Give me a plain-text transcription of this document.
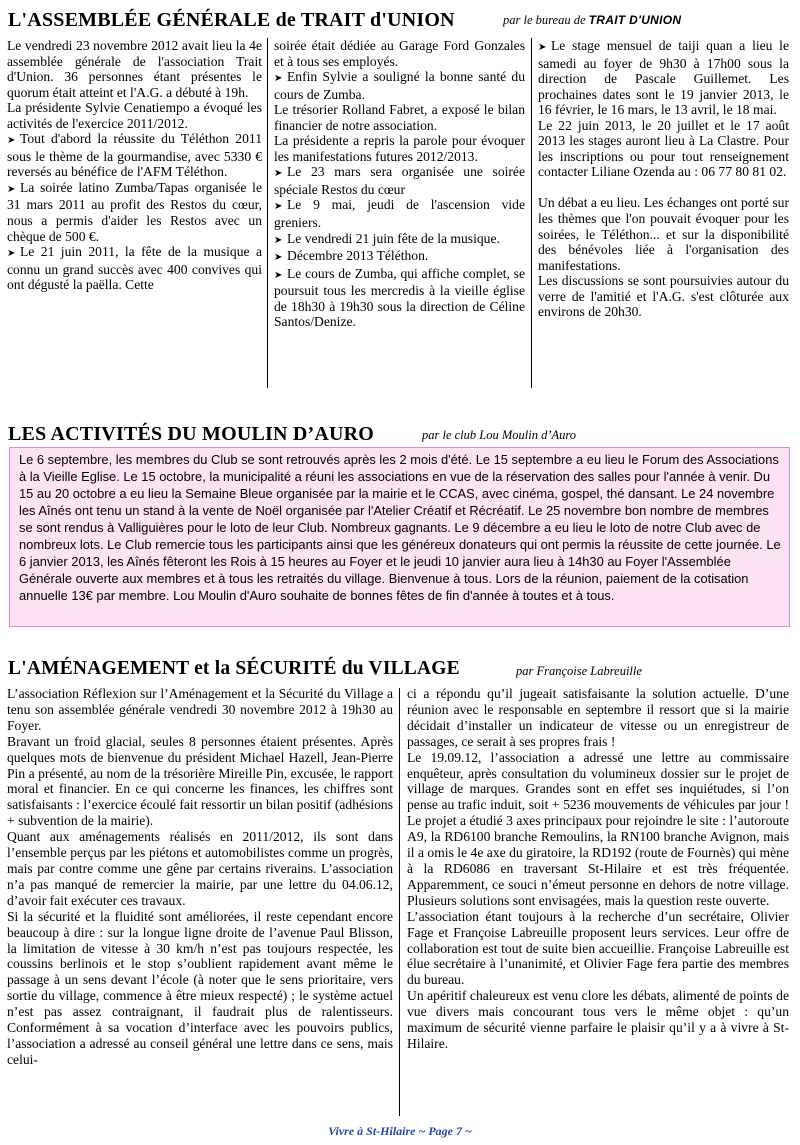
L'ASSEMBLÉE GÉNÉRALE de TRAIT d'UNION	par le bureau de TRAIT D'UNION

Le vendredi 23 novembre 2012 avait lieu la 4e assemblée générale de l'association Trait d'Union. 36 personnes étant présentes le quorum était atteint et l'A.G. a débuté à 19h.

La présidente Sylvie Cenatiempo a évoqué les activités de l'exercice 2011/2012.

➤ Tout d'abord la réussite du Téléthon 2011 sous le thème de la gourmandise, avec 5330 € reversés au bénéfice de l'AFM Téléthon.

➤ La soirée latino Zumba/Tapas organisée le 31 mars 2011 au profit des Restos du cœur, nous a permis d'aider les Restos avec un chèque de 500 €.

➤ Le 21 juin 2011, la fête de la musique a connu un grand succès avec 400 convives qui ont dégusté la paëlla. Cette

soirée était dédiée au Garage Ford Gonzales et à tous ses employés.

➤ Enfin Sylvie a souligné la bonne santé du cours de Zumba.

Le trésorier Rolland Fabret, a exposé le bilan financier de notre association.

La présidente a repris la parole pour évoquer les manifestations futures 2012/2013.

➤ Le 23 mars sera organisée une soirée spéciale Restos du cœur

➤ Le 9 mai, jeudi de l'ascension vide greniers.

➤ Le vendredi 21 juin fête de la musique.

➤ Décembre 2013 Téléthon.

➤ Le cours de Zumba, qui affiche complet, se poursuit tous les mercredis à la vieille église de 18h30 à 19h30 sous la direction de Céline Santos/Denize.

➤ Le stage mensuel de taiji quan a lieu le samedi au foyer de 9h30 à 17h00 sous la direction de Pascale Guillemet. Les prochaines dates sont le 19 janvier 2013, le 16 février, le 16 mars, le 13 avril, le 18 mai.

Le 22 juin 2013, le 20 juillet et le 17 août 2013 les stages auront lieu à La Clastre. Pour les inscriptions ou pour tout renseignement contacter Liliane Ozenda au : 06 77 80 81 02.

Un débat a eu lieu. Les échanges ont porté sur les thèmes que l'on pouvait évoquer pour les soirées, le Téléthon... et sur la disponibilité des bénévoles liée à l'organisation des manifestations.

Les discussions se sont poursuivies autour du verre de l'amitié et l'A.G. s'est clôturée aux environs de 20h30.

LES ACTIVITÉS DU MOULIN D’AURO	par le club Lou Moulin d’Auro

Le 6 septembre, les membres du Club se sont retrouvés après les 2 mois d'été. Le 15 septembre a eu lieu le Forum des Associations à la Vieille Eglise. Le 15 octobre, la municipalité a réuni les associations en vue de la réservation des salles pour l'année à venir. Du 15 au 20 octobre a eu lieu la Semaine Bleue organisée par la mairie et le CCAS, avec cinéma, gospel, thé dansant. Le 24 novembre les Aînés ont tenu un stand à la vente de Noël organisée par l'Atelier Créatif et Récréatif. Le 25 novembre bon nombre de membres se sont rendus à Valliguières pour le loto de leur Club. Nombreux gagnants. Le 9 décembre a eu lieu le loto de notre Club avec de nombreux lots. Le Club remercie tous les participants ainsi que les généreux donateurs qui ont permis la réussite de cette journée. Le 6 janvier 2013, les Aînés fêteront les Rois à 15 heures au Foyer et le jeudi 10 janvier aura lieu à 14h30 au Foyer l'Assemblée Générale ouverte aux membres et à tous les retraités du village. Bienvenue à tous. Lors de la réunion, paiement de la cotisation annuelle 13€ par membre. Lou Moulin d'Auro souhaite de bonnes fêtes de fin d'année à toutes et à tous.

L'AMÉNAGEMENT et la SÉCURITÉ du VILLAGE	par Françoise Labreuille

L’association Réflexion sur l’Aménagement et la Sécurité du Village a tenu son assemblée générale vendredi 30 novembre 2012 à 19h30 au Foyer.

Bravant un froid glacial, seules 8 personnes étaient présentes. Après quelques mots de bienvenue du président Michael Hazell, Jean-Pierre Pin a présenté, au nom de la trésorière Mireille Pin, excusée, le rapport moral et financier. En ce qui concerne les finances, les chiffres sont satisfaisants : l’exercice écoulé fait ressortir un bilan positif (adhésions + subvention de la mairie).

Quant aux aménagements réalisés en 2011/2012, ils sont dans l’ensemble perçus par les piétons et automobilistes comme un progrès, mais par contre comme une gêne par certains riverains. L’association n’a pas manqué de remercier la mairie, par une lettre du 04.06.12, d’avoir fait exécuter ces travaux.

Si la sécurité et la fluidité sont améliorées, il reste cependant encore beaucoup à dire : sur la longue ligne droite de l’avenue Paul Blisson, la limitation de vitesse à 30 km/h n’est pas toujours respectée, les coussins berlinois et le stop s’oublient rapidement avant même le passage à un sens devant l’école (à noter que le sens prioritaire, vers sortie du village, commence à être mieux respecté) ; le système actuel n’est pas assez contraignant, il faudrait plus de ralentisseurs. Conformément à sa vocation d’interface avec les pouvoirs publics, l’association a adressé au conseil général une lettre dans ce sens, mais celui-

ci a répondu qu’il jugeait satisfaisante la solution actuelle. D’une réunion avec le responsable en septembre il ressort que si la mairie décidait d’installer un indicateur de vitesse ou un enregistreur de passages, ce serait à ses propres frais !

Le 19.09.12, l’association a adressé une lettre au commissaire enquêteur, après consultation du volumineux dossier sur le projet de village de marques. Grandes sont en effet ses inquiétudes, si l’on pense au trafic induit, soit + 5236 mouvements de véhicules par jour ! Le projet a étudié 3 axes principaux pour rejoindre le site : l’autoroute A9, la RD6100 branche Remoulins, la RN100 branche Avignon, mais il a omis le 4e axe du giratoire, la RD192 (route de Fournès) qui mène à la RD6086 en traversant St-Hilaire et est très fréquentée. Apparemment, ce souci n’émeut personne en dehors de notre village. Plusieurs solutions sont envisagées, mais la question reste ouverte.

L’association étant toujours à la recherche d’un secrétaire, Olivier Fage et Françoise Labreuille proposent leurs services. Leur offre de collaboration est tout de suite bien accueillie. Françoise Labreuille est élue secrétaire à l’unanimité, et Olivier Fage fera partie des membres du bureau.

Un apéritif chaleureux est venu clore les débats, alimenté de points de vue divers mais concourant tous vers le même objet : qu’un maximum de sécurité vienne parfaire le plaisir qu’il y a à vivre à St-Hilaire.

Vivre à St-Hilaire ~ Page 7 ~
